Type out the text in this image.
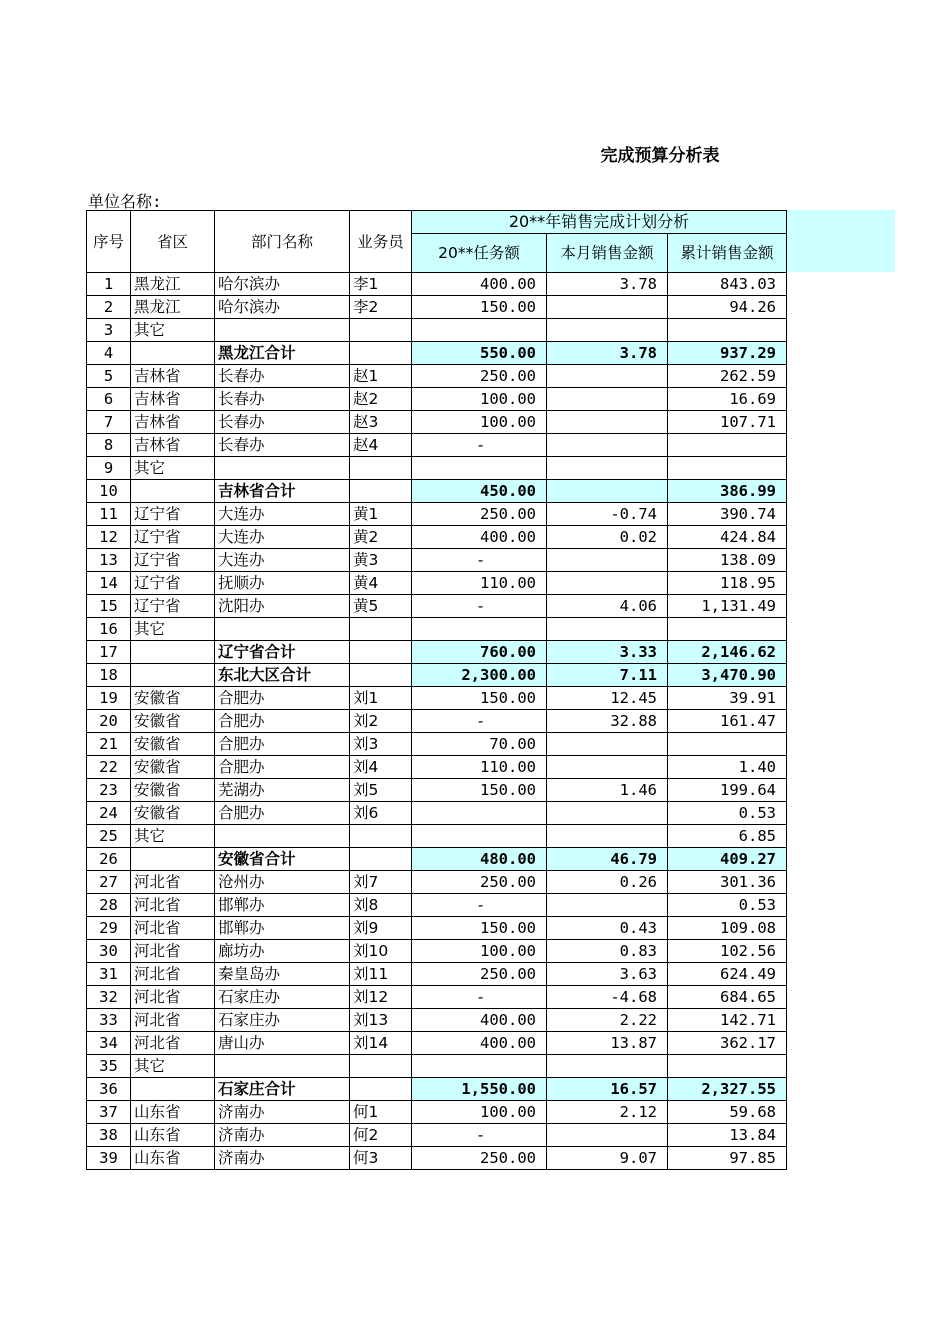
完成预算分析表
单位名称:
序号	省区	部门名称	业务员	20**年销售完成计划分析		
				20**任务额	本月销售金额	累计销售金额
1	黑龙江	哈尔滨办	李1	400.00	3.78	843.03
2	黑龙江	哈尔滨办	李2	150.00		94.26
3	其它					
4		黑龙江合计		550.00	3.78	937.29
5	吉林省	长春办	赵1	250.00		262.59
6	吉林省	长春办	赵2	100.00		16.69
7	吉林省	长春办	赵3	100.00		107.71
8	吉林省	长春办	赵4	-		
9	其它					
10		吉林省合计		450.00		386.99
11	辽宁省	大连办	黄1	250.00	-0.74	390.74
12	辽宁省	大连办	黄2	400.00	0.02	424.84
13	辽宁省	大连办	黄3	-		138.09
14	辽宁省	抚顺办	黄4	110.00		118.95
15	辽宁省	沈阳办	黄5	-	4.06	1,131.49
16	其它					
17		辽宁省合计		760.00	3.33	2,146.62
18		东北大区合计		2,300.00	7.11	3,470.90
19	安徽省	合肥办	刘1	150.00	12.45	39.91
20	安徽省	合肥办	刘2	-	32.88	161.47
21	安徽省	合肥办	刘3	70.00		
22	安徽省	合肥办	刘4	110.00		1.40
23	安徽省	芜湖办	刘5	150.00	1.46	199.64
24	安徽省	合肥办	刘6			0.53
25	其它					6.85
26		安徽省合计		480.00	46.79	409.27
27	河北省	沧州办	刘7	250.00	0.26	301.36
28	河北省	邯郸办	刘8	-		0.53
29	河北省	邯郸办	刘9	150.00	0.43	109.08
30	河北省	廊坊办	刘10	100.00	0.83	102.56
31	河北省	秦皇岛办	刘11	250.00	3.63	624.49
32	河北省	石家庄办	刘12	-	-4.68	684.65
33	河北省	石家庄办	刘13	400.00	2.22	142.71
34	河北省	唐山办	刘14	400.00	13.87	362.17
35	其它					
36		石家庄合计		1,550.00	16.57	2,327.55
37	山东省	济南办	何1	100.00	2.12	59.68
38	山东省	济南办	何2	-		13.84
39	山东省	济南办	何3	250.00	9.07	97.85
